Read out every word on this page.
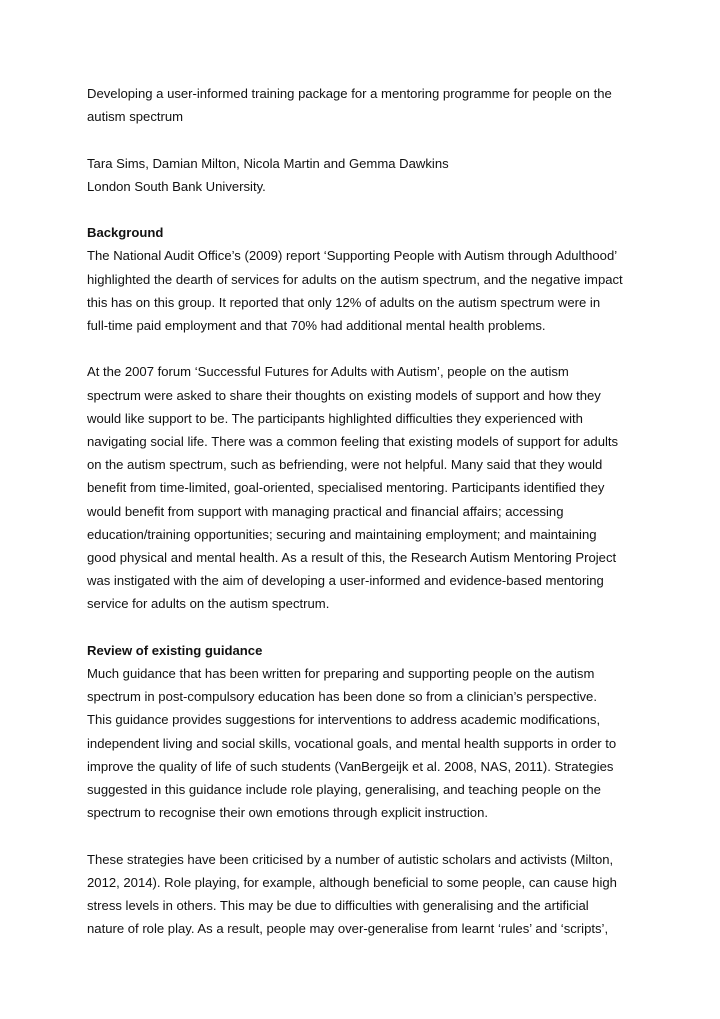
Developing a user-informed training package for a mentoring programme for people on the
autism spectrum
Tara Sims, Damian Milton, Nicola Martin and Gemma Dawkins
London South Bank University.
Background
The National Audit Office’s (2009) report ‘Supporting People with Autism through Adulthood’
highlighted the dearth of services for adults on the autism spectrum, and the negative impact
this has on this group. It reported that only 12% of adults on the autism spectrum were in
full-time paid employment and that 70% had additional mental health problems.
At the 2007 forum ‘Successful Futures for Adults with Autism’, people on the autism
spectrum were asked to share their thoughts on existing models of support and how they
would like support to be. The participants highlighted difficulties they experienced with
navigating social life. There was a common feeling that existing models of support for adults
on the autism spectrum, such as befriending, were not helpful. Many said that they would
benefit from time-limited, goal-oriented, specialised mentoring. Participants identified they
would benefit from support with managing practical and financial affairs; accessing
education/training opportunities; securing and maintaining employment; and maintaining
good physical and mental health. As a result of this, the Research Autism Mentoring Project
was instigated with the aim of developing a user-informed and evidence-based mentoring
service for adults on the autism spectrum.
Review of existing guidance
Much guidance that has been written for preparing and supporting people on the autism
spectrum in post-compulsory education has been done so from a clinician’s perspective.
This guidance provides suggestions for interventions to address academic modifications,
independent living and social skills, vocational goals, and mental health supports in order to
improve the quality of life of such students (VanBergeijk et al. 2008, NAS, 2011). Strategies
suggested in this guidance include role playing, generalising, and teaching people on the
spectrum to recognise their own emotions through explicit instruction.
These strategies have been criticised by a number of autistic scholars and activists (Milton,
2012, 2014). Role playing, for example, although beneficial to some people, can cause high
stress levels in others. This may be due to difficulties with generalising and the artificial
nature of role play. As a result, people may over-generalise from learnt ‘rules’ and ‘scripts’,
